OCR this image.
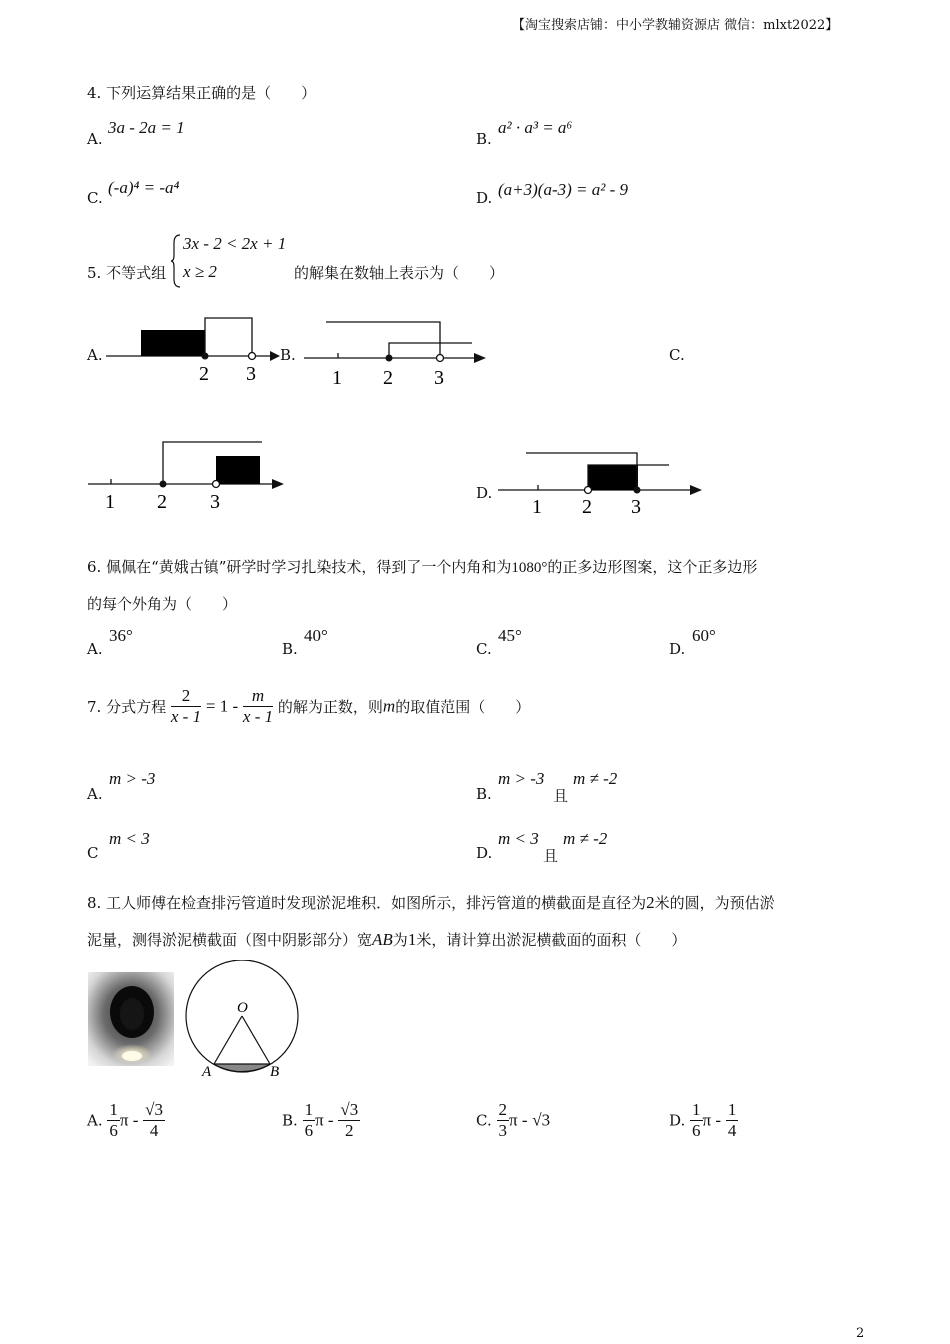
【淘宝搜索店铺：中小学教辅资源店 微信：mlxt2022】
4. 下列运算结果正确的是（　　）
A.
3a - 2a = 1
B.
a² · a³ = a⁶
C.
(-a)⁴ = -a⁴
D. (a+3)(a-3) = a² - 9
5. 不等式组
3x - 2 < 2x + 1
x ≥ 2	的解集在数轴上表示为（　　）
A.
2 3
B.
1 2 3
C.
1 2 3	D.
1 2 3
6. 佩佩在“黄娥古镇”研学时学习扎染技术，得到了一个内角和为1080°的正多边形图案，这个正多边形
的每个外角为（　　）
A.
36°
B.
40°
C.
45°
D.
60°
7. 分式方程 $\frac{2}{x - 1} = 1 - \frac{m}{x - 1}$ 的解为正数，则m的取值范围（　　）
A.
m > -3
B.
m > -3
且
m ≠ -2
C
m < 3
D.
m < 3
且
m ≠ -2
8. 工人师傅在检查排污管道时发现淤泥堆积．如图所示，排污管道的横截面是直径为2米的圆，为预估淤
泥量，测得淤泥横截面（图中阴影部分）宽AB为1米，请计算出淤泥横截面的面积（　　）
O
A	B
A. $\frac{1}{6}$ π - $\frac{√3}{4}$	B. $\frac{1}{6}$ π - $\frac{√3}{2}$	C. $\frac{2}{3}$ π - √3	D. $\frac{1}{6}$ π - $\frac{1}{4}$
2
